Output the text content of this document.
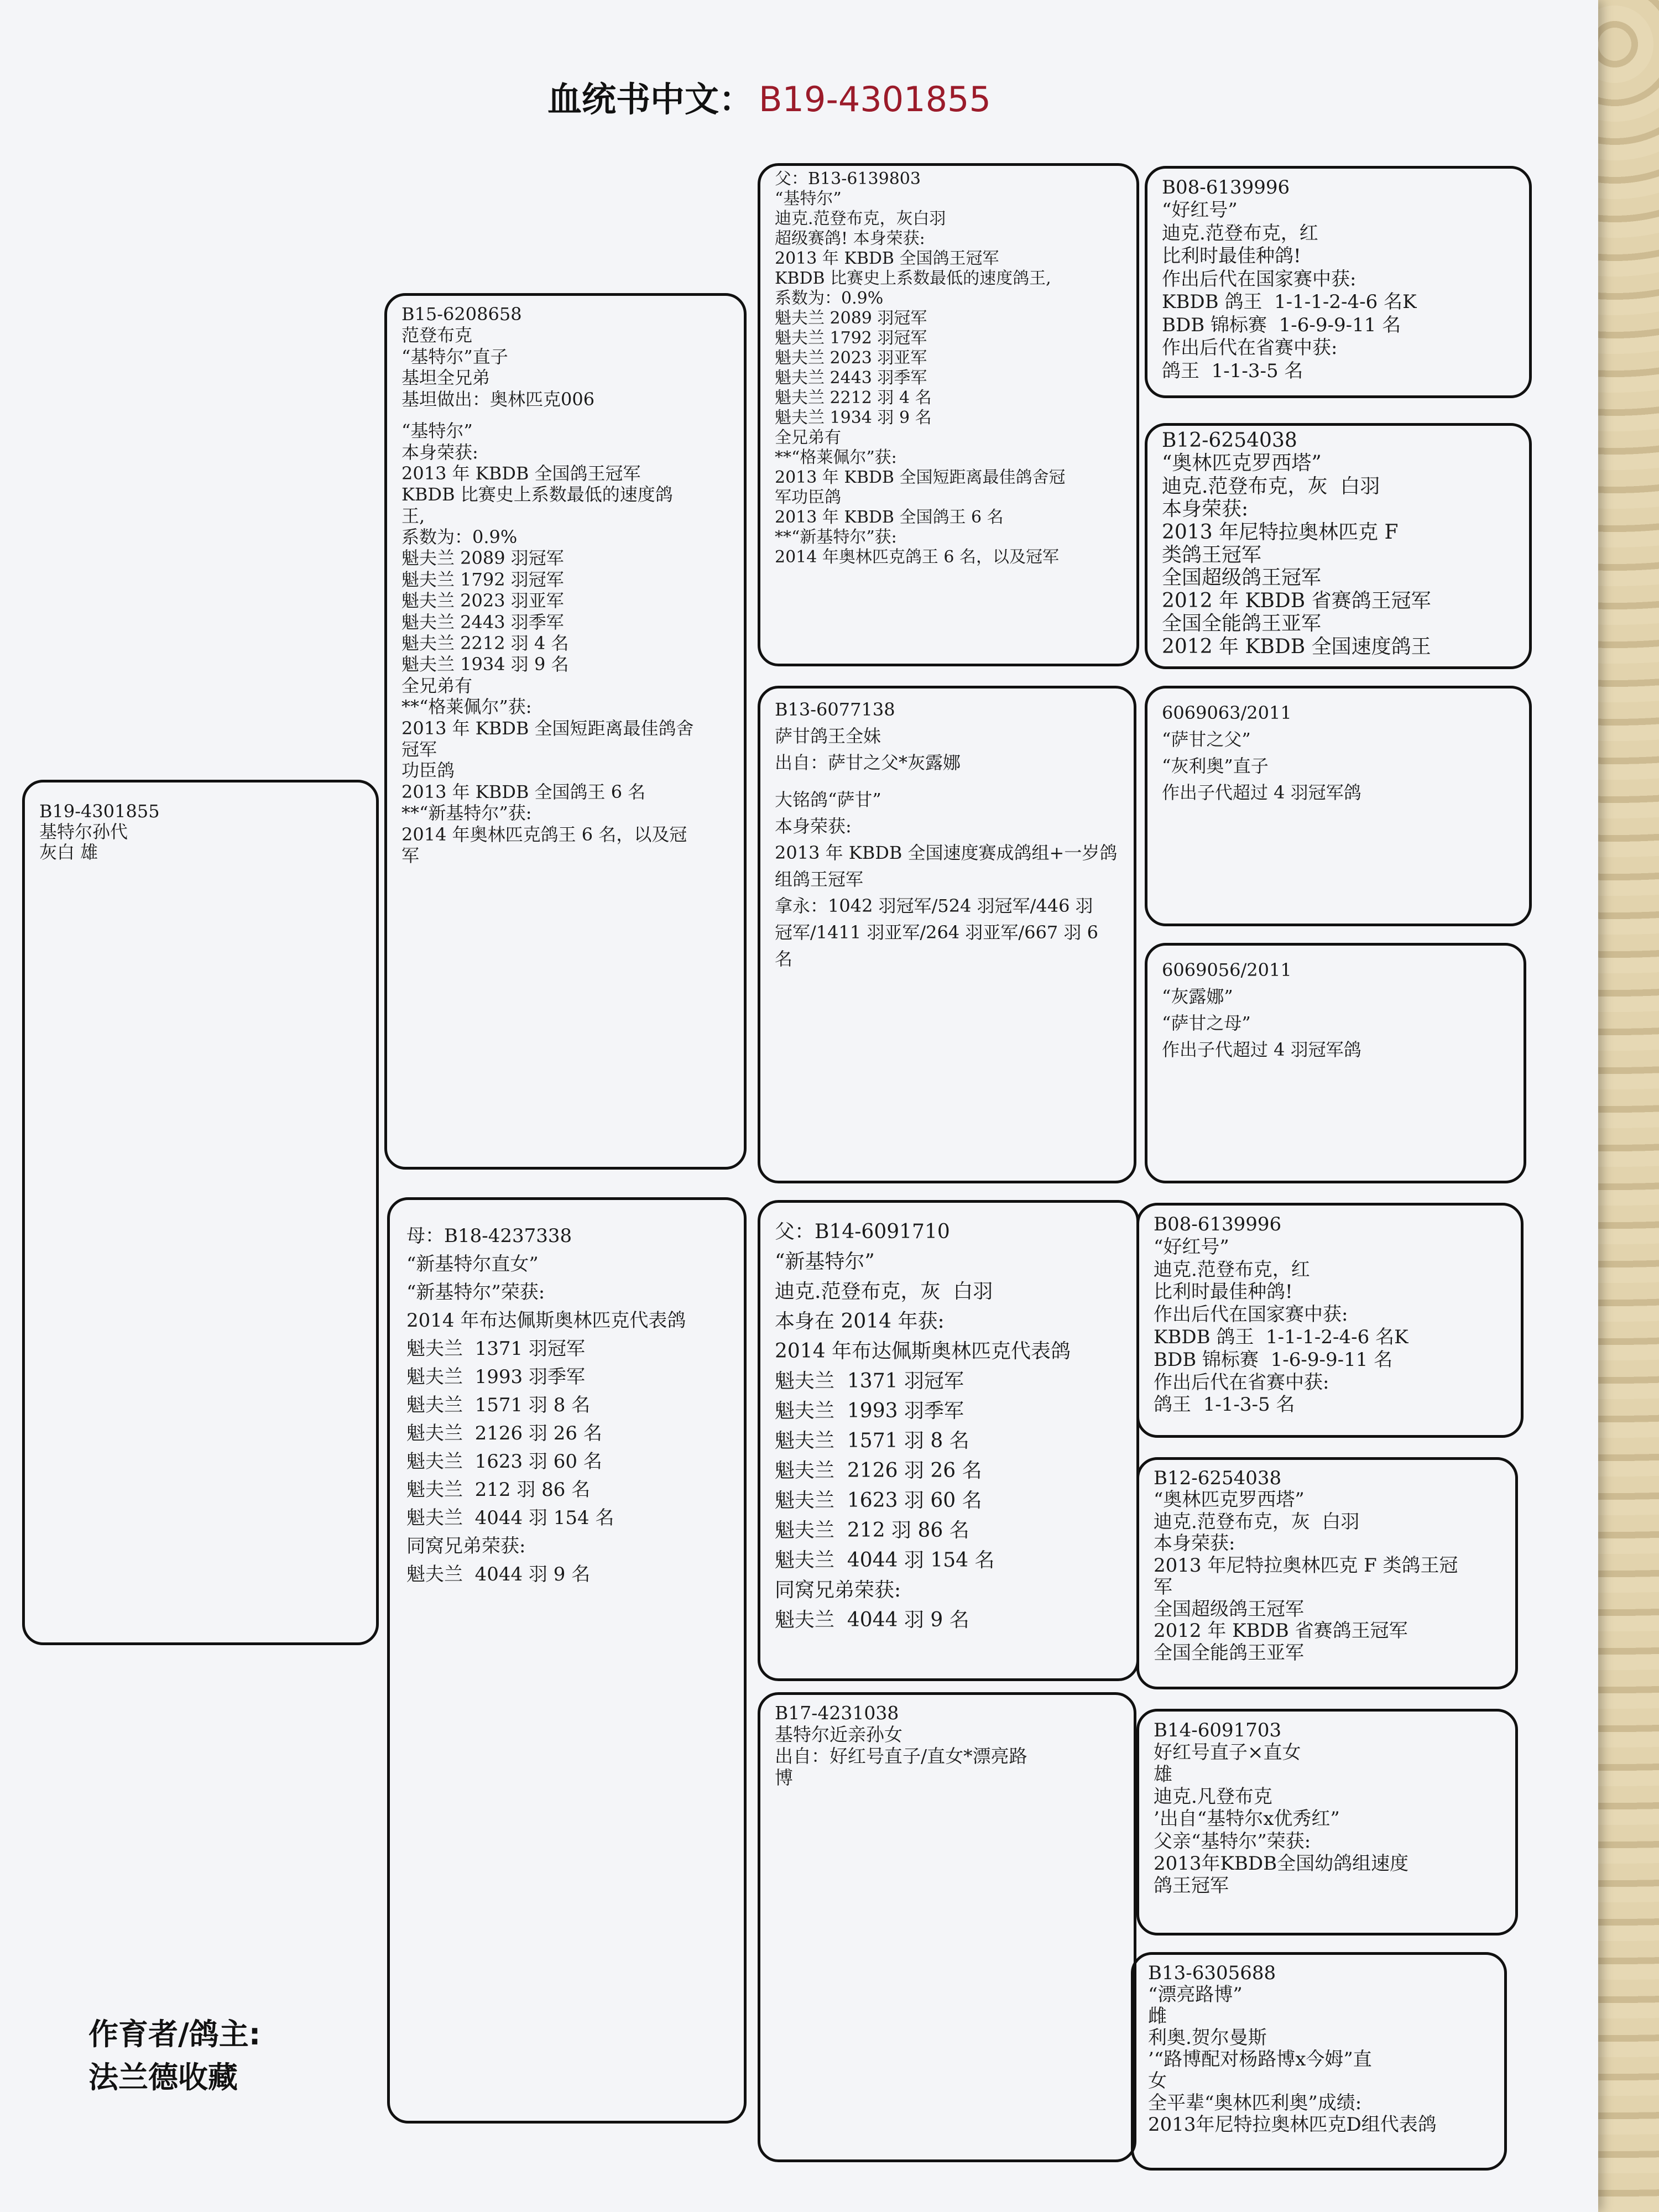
血统书中文： B19-4301855
B19-4301855
基特尔孙代
灰白 雄
B15-6208658
范登布克
“基特尔”直子
基坦全兄弟
基坦做出：奥林匹克006
“基特尔”
本身荣获:
2013 年 KBDB 全国鸽王冠军
KBDB 比赛史上系数最低的速度鸽
王,
系数为：0.9%
魁夫兰 2089 羽冠军
魁夫兰 1792 羽冠军
魁夫兰 2023 羽亚军
魁夫兰 2443 羽季军
魁夫兰 2212 羽 4 名
魁夫兰 1934 羽 9 名
全兄弟有
**“格莱佩尔”获:
2013 年 KBDB 全国短距离最佳鸽舍
冠军
功臣鸽
2013 年 KBDB 全国鸽王 6 名
**“新基特尔”获:
2014 年奥林匹克鸽王 6 名，以及冠
军
母：B18-4237338
“新基特尔直女”
“新基特尔”荣获:
2014 年布达佩斯奥林匹克代表鸽
魁夫兰  1371 羽冠军
魁夫兰  1993 羽季军
魁夫兰  1571 羽 8 名
魁夫兰  2126 羽 26 名
魁夫兰  1623 羽 60 名
魁夫兰  212 羽 86 名
魁夫兰  4044 羽 154 名
同窝兄弟荣获:
魁夫兰  4044 羽 9 名
父：B13-6139803
“基特尔”
迪克.范登布克，灰白羽
超级赛鸽! 本身荣获:
2013 年 KBDB 全国鸽王冠军
KBDB 比赛史上系数最低的速度鸽王,
系数为：0.9%
魁夫兰 2089 羽冠军
魁夫兰 1792 羽冠军
魁夫兰 2023 羽亚军
魁夫兰 2443 羽季军
魁夫兰 2212 羽 4 名
魁夫兰 1934 羽 9 名
全兄弟有
**“格莱佩尔”获:
2013 年 KBDB 全国短距离最佳鸽舍冠
军功臣鸽
2013 年 KBDB 全国鸽王 6 名
**“新基特尔”获:
2014 年奥林匹克鸽王 6 名，以及冠军
B13-6077138
萨甘鸽王全妹
出自：萨甘之父*灰露娜
大铭鸽“萨甘”
本身荣获:
2013 年 KBDB 全国速度赛成鸽组+一岁鸽
组鸽王冠军
拿永：1042 羽冠军/524 羽冠军/446 羽
冠军/1411 羽亚军/264 羽亚军/667 羽 6
名
父：B14-6091710
“新基特尔”
迪克.范登布克，灰  白羽
本身在 2014 年获:
2014 年布达佩斯奥林匹克代表鸽
魁夫兰  1371 羽冠军
魁夫兰  1993 羽季军
魁夫兰  1571 羽 8 名
魁夫兰  2126 羽 26 名
魁夫兰  1623 羽 60 名
魁夫兰  212 羽 86 名
魁夫兰  4044 羽 154 名
同窝兄弟荣获:
魁夫兰  4044 羽 9 名
B17-4231038
基特尔近亲孙女
出自：好红号直子/直女*漂亮路
博
B08-6139996
“好红号”
迪克.范登布克，红
比利时最佳种鸽!
作出后代在国家赛中获:
KBDB 鸽王  1-1-1-2-4-6 名K
BDB 锦标赛  1-6-9-9-11 名
作出后代在省赛中获:
鸽王  1-1-3-5 名
B12-6254038
“奥林匹克罗西塔”
迪克.范登布克，灰  白羽
本身荣获:
2013 年尼特拉奥林匹克 F
类鸽王冠军
全国超级鸽王冠军
2012 年 KBDB 省赛鸽王冠军
全国全能鸽王亚军
2012 年 KBDB 全国速度鸽王
6069063/2011
“萨甘之父”
“灰利奥”直子
作出子代超过 4 羽冠军鸽
6069056/2011
“灰露娜”
“萨甘之母”
作出子代超过 4 羽冠军鸽
B08-6139996
“好红号”
迪克.范登布克，红
比利时最佳种鸽!
作出后代在国家赛中获:
KBDB 鸽王  1-1-1-2-4-6 名K
BDB 锦标赛  1-6-9-9-11 名
作出后代在省赛中获:
鸽王  1-1-3-5 名
B12-6254038
“奥林匹克罗西塔”
迪克.范登布克，灰  白羽
本身荣获:
2013 年尼特拉奥林匹克 F 类鸽王冠
军
全国超级鸽王冠军
2012 年 KBDB 省赛鸽王冠军
全国全能鸽王亚军
B14-6091703
好红号直子×直女
雄
迪克.凡登布克
’出自“基特尔x优秀红”
父亲“基特尔”荣获:
2013年KBDB全国幼鸽组速度
鸽王冠军
B13-6305688
“漂亮路博”
雌
利奥.贺尔曼斯
’“路博配对杨路博x今姆”直
女
全平辈“奥林匹利奥”成绩:
2013年尼特拉奥林匹克D组代表鸽
作育者/鸽主:
法兰德收藏
